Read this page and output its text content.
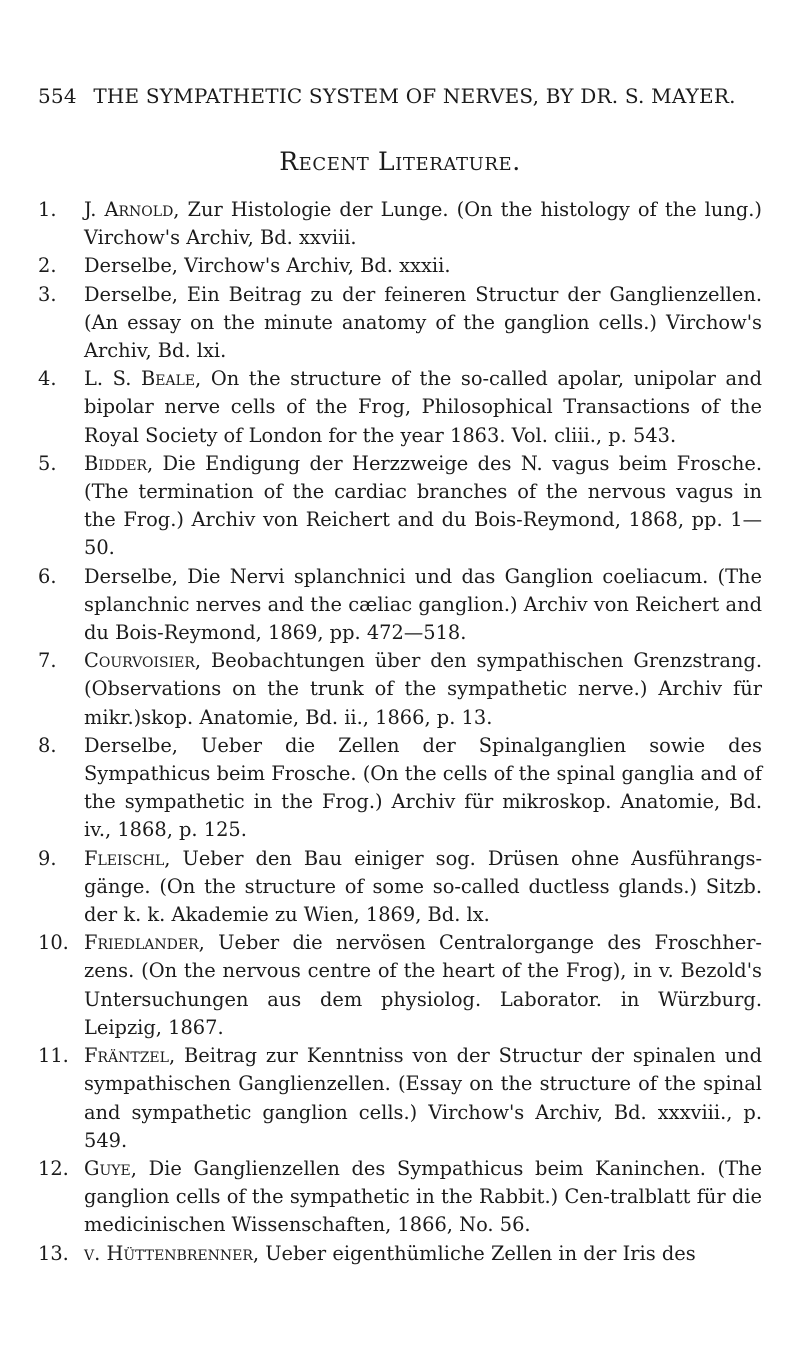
554 THE SYMPATHETIC SYSTEM OF NERVES, BY DR. S. MAYER.
Recent Literature.
1.	J. Arnold, Zur Histologie der Lunge. (On the histology of the lung.) Virchow's Archiv, Bd. xxviii.
2.	Derselbe, Virchow's Archiv, Bd. xxxii.
3.	Derselbe, Ein Beitrag zu der feineren Structur der Ganglienzellen. (An essay on the minute anatomy of the ganglion cells.) Virchow's Archiv, Bd. lxi.
4.	L. S. Beale, On the structure of the so-called apolar, unipolar and bipolar nerve cells of the Frog, Philosophical Transactions of the Royal Society of London for the year 1863. Vol. cliii., p. 543.
5.	Bidder, Die Endigung der Herzzweige des N. vagus beim Frosche. (The termination of the cardiac branches of the nervous vagus in the Frog.) Archiv von Reichert and du Bois-Reymond, 1868, pp. 1—50.
6.	Derselbe, Die Nervi splanchnici und das Ganglion coeliacum. (The splanchnic nerves and the cæliac ganglion.) Archiv von Reichert and du Bois-Reymond, 1869, pp. 472—518.
7.	Courvoisier, Beobachtungen über den sympathischen Grenzstrang. (Observations on the trunk of the sympathetic nerve.) Archiv für mikr.)skop. Anatomie, Bd. ii., 1866, p. 13.
8.	Derselbe, Ueber die Zellen der Spinalganglien sowie des Sympathicus beim Frosche. (On the cells of the spinal ganglia and of the sympathetic in the Frog.) Archiv für mikroskop. Anatomie, Bd. iv., 1868, p. 125.
9.	Fleischl, Ueber den Bau einiger sog. Drüsen ohne Ausführangs-gänge. (On the structure of some so-called ductless glands.) Sitzb. der k. k. Akademie zu Wien, 1869, Bd. lx.
10. Friedlander, Ueber die nervösen Centralorgange des Froschher-zens. (On the nervous centre of the heart of the Frog), in v. Bezold's Untersuchungen aus dem physiolog. Laborator. in Würzburg. Leipzig, 1867.
11. Fräntzel, Beitrag zur Kenntniss von der Structur der spinalen und sympathischen Ganglienzellen. (Essay on the structure of the spinal and sympathetic ganglion cells.) Virchow's Archiv, Bd. xxxviii., p. 549.
12. Guye, Die Ganglienzellen des Sympathicus beim Kaninchen. (The ganglion cells of the sympathetic in the Rabbit.) Cen-tralblatt für die medicinischen Wissenschaften, 1866, No. 56.
13. v. Hüttenbrenner, Ueber eigenthümliche Zellen in der Iris des
